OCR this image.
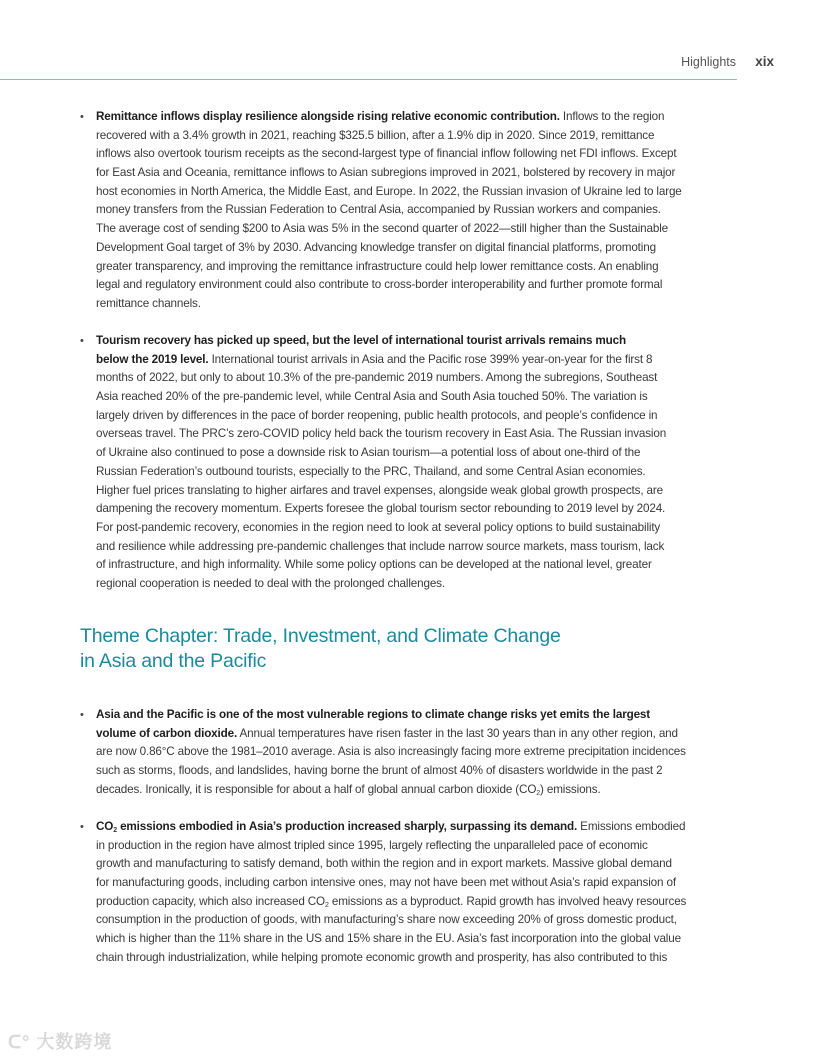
Highlights xix
• Remittance inflows display resilience alongside rising relative economic contribution. Inflows to the region
recovered with a 3.4% growth in 2021, reaching $325.5 billion, after a 1.9% dip in 2020. Since 2019, remittance
inflows also overtook tourism receipts as the second-largest type of financial inflow following net FDI inflows. Except
for East Asia and Oceania, remittance inflows to Asian subregions improved in 2021, bolstered by recovery in major
host economies in North America, the Middle East, and Europe. In 2022, the Russian invasion of Ukraine led to large
money transfers from the Russian Federation to Central Asia, accompanied by Russian workers and companies.
The average cost of sending $200 to Asia was 5% in the second quarter of 2022—still higher than the Sustainable
Development Goal target of 3% by 2030. Advancing knowledge transfer on digital financial platforms, promoting
greater transparency, and improving the remittance infrastructure could help lower remittance costs. An enabling
legal and regulatory environment could also contribute to cross-border interoperability and further promote formal
remittance channels.
• Tourism recovery has picked up speed, but the level of international tourist arrivals remains much
below the 2019 level. International tourist arrivals in Asia and the Pacific rose 399% year-on-year for the first 8
months of 2022, but only to about 10.3% of the pre-pandemic 2019 numbers. Among the subregions, Southeast
Asia reached 20% of the pre-pandemic level, while Central Asia and South Asia touched 50%. The variation is
largely driven by differences in the pace of border reopening, public health protocols, and people’s confidence in
overseas travel. The PRC’s zero-COVID policy held back the tourism recovery in East Asia. The Russian invasion
of Ukraine also continued to pose a downside risk to Asian tourism—a potential loss of about one-third of the
Russian Federation’s outbound tourists, especially to the PRC, Thailand, and some Central Asian economies.
Higher fuel prices translating to higher airfares and travel expenses, alongside weak global growth prospects, are
dampening the recovery momentum. Experts foresee the global tourism sector rebounding to 2019 level by 2024.
For post-pandemic recovery, economies in the region need to look at several policy options to build sustainability
and resilience while addressing pre-pandemic challenges that include narrow source markets, mass tourism, lack
of infrastructure, and high informality. While some policy options can be developed at the national level, greater
regional cooperation is needed to deal with the prolonged challenges.
Theme Chapter: Trade, Investment, and Climate Change
in Asia and the Pacific
• Asia and the Pacific is one of the most vulnerable regions to climate change risks yet emits the largest
volume of carbon dioxide. Annual temperatures have risen faster in the last 30 years than in any other region, and
are now 0.86°C above the 1981–2010 average. Asia is also increasingly facing more extreme precipitation incidences
such as storms, floods, and landslides, having borne the brunt of almost 40% of disasters worldwide in the past 2
decades. Ironically, it is responsible for about a half of global annual carbon dioxide $(CO_2)$ emissions.
• $CO_2$ emissions embodied in Asia’s production increased sharply, surpassing its demand. Emissions embodied
in production in the region have almost tripled since 1995, largely reflecting the unparalleled pace of economic
growth and manufacturing to satisfy demand, both within the region and in export markets. Massive global demand
for manufacturing goods, including carbon intensive ones, may not have been met without Asia’s rapid expansion of
production capacity, which also increased $CO_2$ emissions as a byproduct. Rapid growth has involved heavy resources
consumption in the production of goods, with manufacturing’s share now exceeding 20% of gross domestic product,
which is higher than the 11% share in the US and 15% share in the EU. Asia’s fast incorporation into the global value
chain through industrialization, while helping promote economic growth and prosperity, has also contributed to this
ᑕ° 大数跨境
